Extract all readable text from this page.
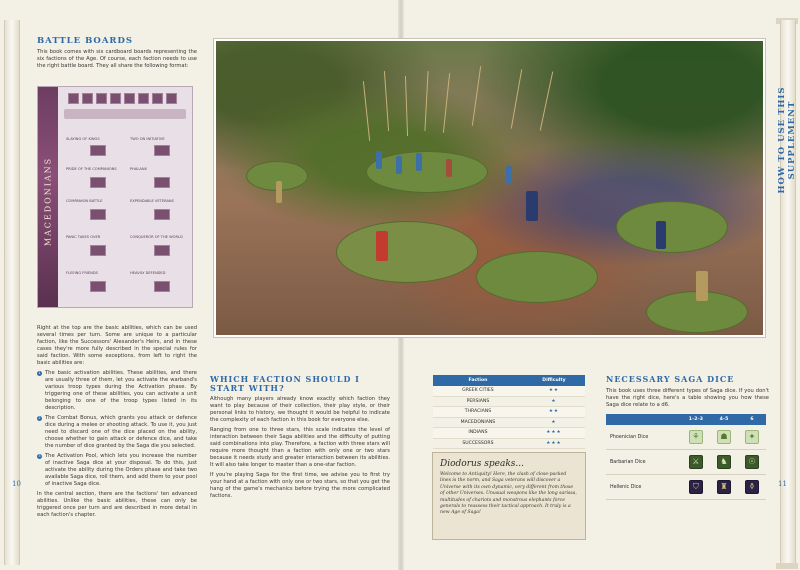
HOW TO USE THIS SUPPLEMENT
BATTLE BOARDS
This book comes with six cardboard boards representing the six factions of the Age. Of course, each faction needs to use the right battle board. They all share the following format:
MACEDONIANS
SLAYING OF KINGS	TWO ON INITIATIVE
PRIDE OF THE COMPANIONS	PHALANX
COMPANION BATTLE	EXPENDABLE VETERANS
PANIC TAKES OVER	CONQUEROR OF THE WORLD
FLEEING FRIENDS	HEAVILY DEFENDED

Right at the top are the basic abilities, which can be used several times per turn. Some are unique to a particular faction, like the Successors' Alexander's Heirs, and in these cases they're more fully described in the special rules for said faction. With some exceptions, from left to right the basic abilities are:

1 The basic activation abilities. These abilities, and there are usually three of them, let you activate the warband's various troop types during the Activation phase. By triggering one of these abilities, you can activate a unit belonging to one of the troop types listed in its description.

2 The Combat Bonus, which grants you attack or defence dice during a melee or shooting attack. To use it, you just need to discard one of the dice placed on the ability, choose whether to gain attack or defence dice, and take the number of dice granted by the Saga die you selected.

3 The Activation Pool, which lets you increase the number of inactive Saga dice at your disposal. To do this, just activate the ability during the Orders phase and take two available Saga dice, roll them, and add them to your pool of inactive Saga dice.

In the central section, there are the factions' ten advanced abilities. Unlike the basic abilities, these can only be triggered once per turn and are described in more detail in each faction's chapter.

WHICH FACTION SHOULD I START WITH?
Although many players already know exactly which faction they want to play because of their collection, their play style, or their personal links to history, we thought it would be helpful to indicate the complexity of each faction in this book for everyone else.
Ranging from one to three stars, this scale indicates the level of interaction between their Saga abilities and the difficulty of putting said combinations into play. Therefore, a faction with three stars will require more thought than a faction with only one or two stars because it needs study and greater interaction between its abilities. It will also take longer to master than a one-star faction.
If you're playing Saga for the first time, we advise you to first try your hand at a faction with only one or two stars, so that you get the hang of the game's mechanics before trying the more complicated factions.
10	11
Faction	Difficulty
GREEK CITIES	★★
PERSIANS	★
THRACIANS	★★
MACEDONIANS	★
INDIANS	★★★
SUCCESSORS	★★★
Diodorus speaks...
Welcome to Antiquity! Here, the clash of close-packed lines is the norm, and Saga veterans will discover a Universe with its own dynamic, very different from those of other Universes. Unusual weapons like the long sarissa, multitudes of chariots and monstrous elephants force generals to reassess their tactical approach. It truly is a new Age of Saga!
NECESSARY SAGA DICE
This book uses three different types of Saga dice. If you don't have the right dice, here's a table showing you how these Saga dice relate to a d6.
	1–2–3	4–5	6
Phoenician Dice	⚘	☗	✦
Barbarian Dice	⚔	♞	☉
Hellenic Dice	⛉	♜	⚱
